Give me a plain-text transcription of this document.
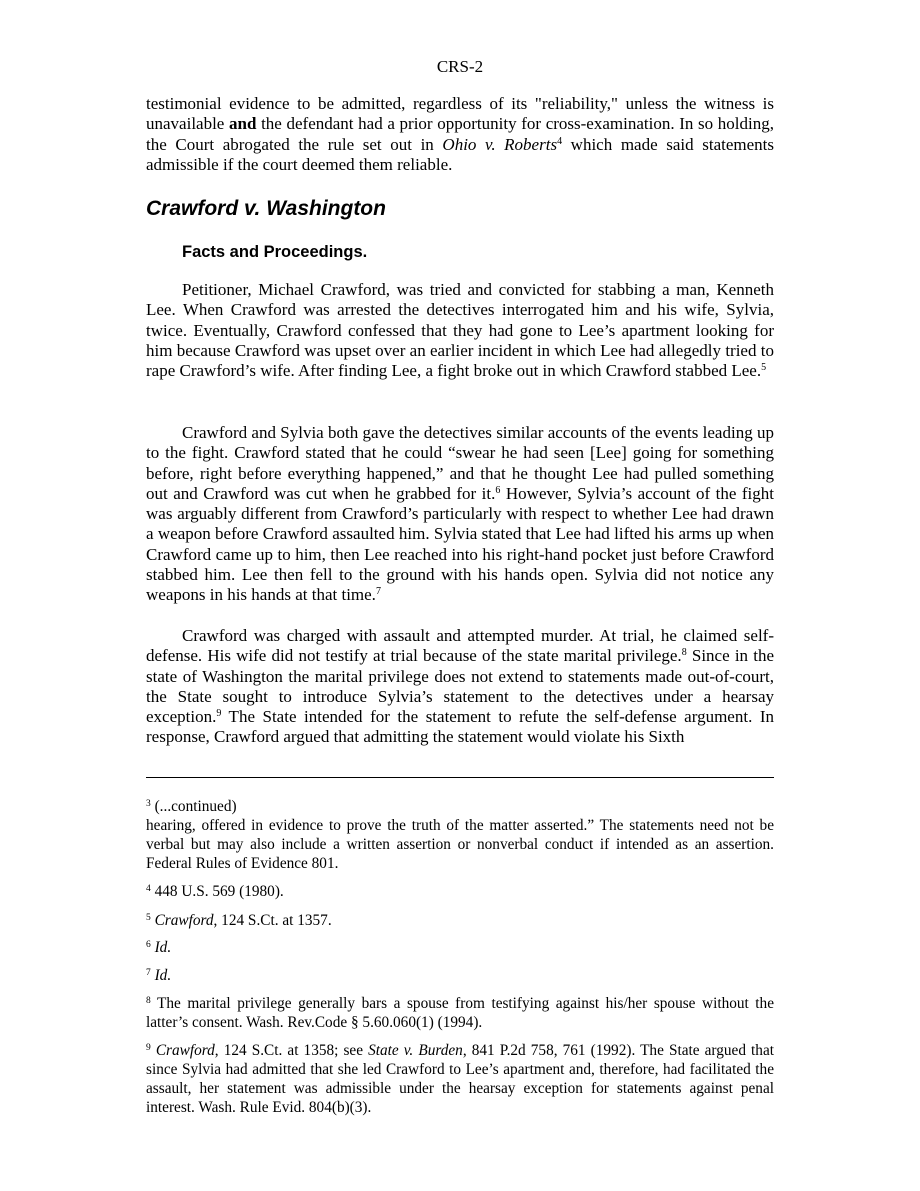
CRS-2

testimonial evidence to be admitted, regardless of its "reliability," unless the witness is unavailable and the defendant had a prior opportunity for cross-examination. In so holding, the Court abrogated the rule set out in Ohio v. Roberts$^4$ which made said statements admissible if the court deemed them reliable.

Crawford v. Washington
Facts and Proceedings.

Petitioner, Michael Crawford, was tried and convicted for stabbing a man, Kenneth Lee. When Crawford was arrested the detectives interrogated him and his wife, Sylvia, twice. Eventually, Crawford confessed that they had gone to Lee’s apartment looking for him because Crawford was upset over an earlier incident in which Lee had allegedly tried to rape Crawford’s wife. After finding Lee, a fight broke out in which Crawford stabbed Lee.$^5$

Crawford and Sylvia both gave the detectives similar accounts of the events leading up to the fight. Crawford stated that he could “swear he had seen [Lee] going for something before, right before everything happened,” and that he thought Lee had pulled something out and Crawford was cut when he grabbed for it.$^6$ However, Sylvia’s account of the fight was arguably different from Crawford’s particularly with respect to whether Lee had drawn a weapon before Crawford assaulted him. Sylvia stated that Lee had lifted his arms up when Crawford came up to him, then Lee reached into his right-hand pocket just before Crawford stabbed him. Lee then fell to the ground with his hands open. Sylvia did not notice any weapons in his hands at that time.$^7$

Crawford was charged with assault and attempted murder. At trial, he claimed self-defense. His wife did not testify at trial because of the state marital privilege.$^8$ Since in the state of Washington the marital privilege does not extend to statements made out-of-court, the State sought to introduce Sylvia’s statement to the detectives under a hearsay exception.$^9$ The State intended for the statement to refute the self-defense argument. In response, Crawford argued that admitting the statement would violate his Sixth

$^3$ (...continued)

hearing, offered in evidence to prove the truth of the matter asserted.” The statements need not be verbal but may also include a written assertion or nonverbal conduct if intended as an assertion. Federal Rules of Evidence 801.

$^4$ 448 U.S. 569 (1980).

$^5$ Crawford, 124 S.Ct. at 1357.

$^6$ Id.

$^7$ Id.

$^8$ The marital privilege generally bars a spouse from testifying against his/her spouse without the latter’s consent. Wash. Rev.Code § 5.60.060(1) (1994).

$^9$ Crawford, 124 S.Ct. at 1358; see State v. Burden, 841 P.2d 758, 761 (1992). The State argued that since Sylvia had admitted that she led Crawford to Lee’s apartment and, therefore, had facilitated the assault, her statement was admissible under the hearsay exception for statements against penal interest. Wash. Rule Evid. 804(b)(3).
